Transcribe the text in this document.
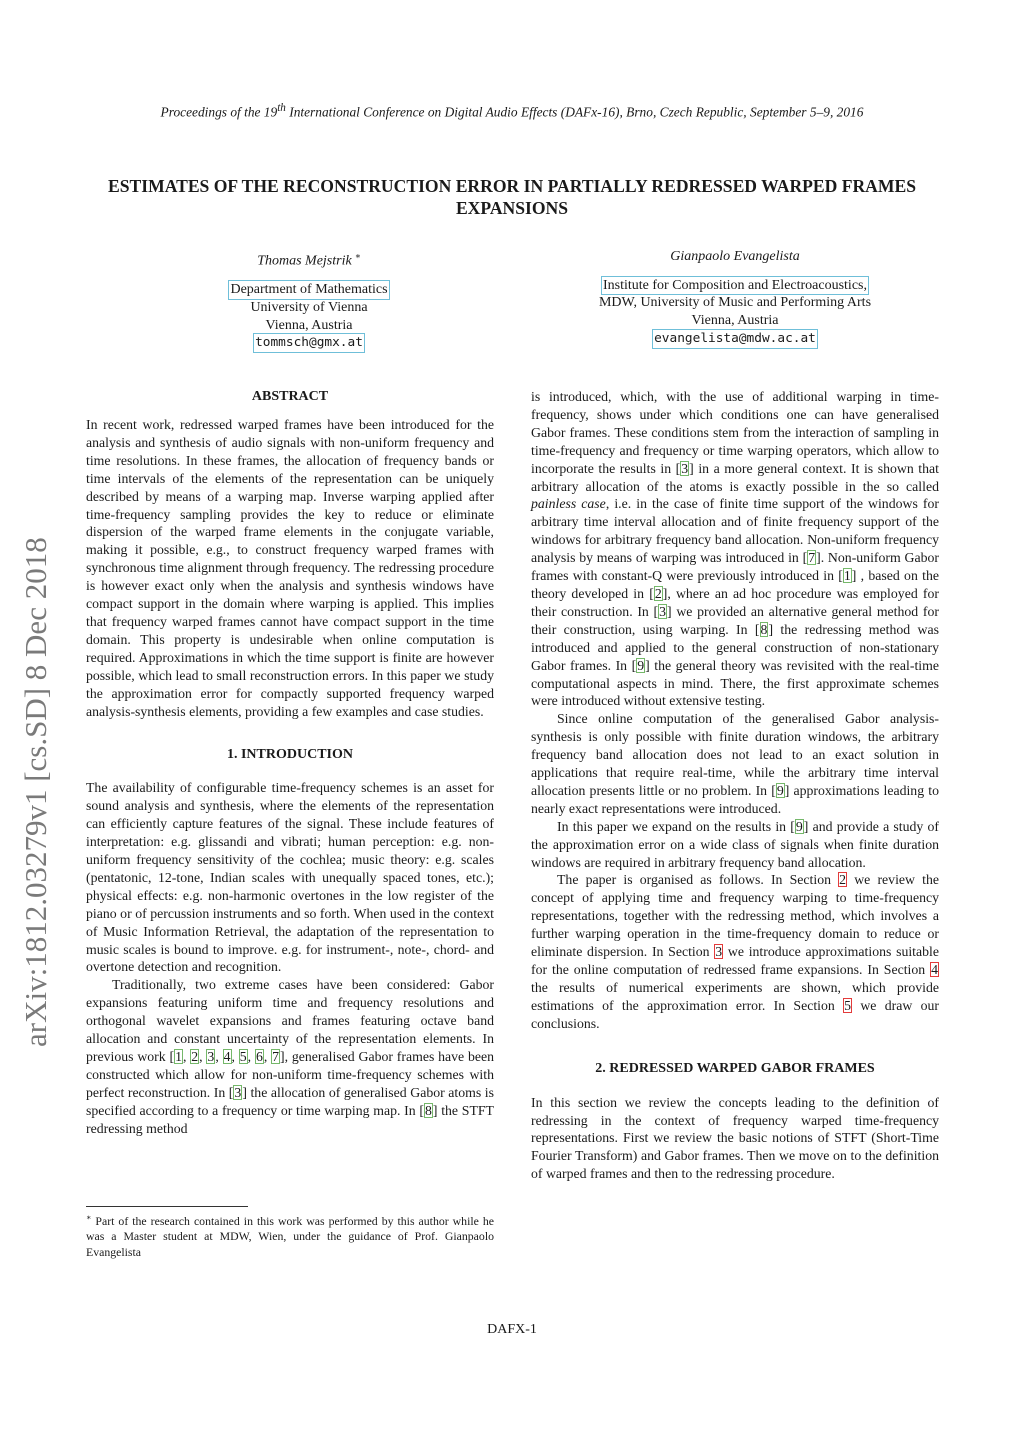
Proceedings of the 19th International Conference on Digital Audio Effects (DAFx-16), Brno, Czech Republic, September 5–9, 2016
ESTIMATES OF THE RECONSTRUCTION ERROR IN PARTIALLY REDRESSED WARPED FRAMES EXPANSIONS
Thomas Mejstrik ∗
Department of Mathematics
University of Vienna
Vienna, Austria
tommsch@gmx.at
Gianpaolo Evangelista
Institute for Composition and Electroacoustics,
MDW, University of Music and Performing Arts
Vienna, Austria
evangelista@mdw.ac.at
arXiv:1812.03279v1 [cs.SD] 8 Dec 2018
ABSTRACT

In recent work, redressed warped frames have been introduced for the analysis and synthesis of audio signals with non-uniform frequency and time resolutions. In these frames, the allocation of frequency bands or time intervals of the elements of the representation can be uniquely described by means of a warping map. Inverse warping applied after time-frequency sampling provides the key to reduce or eliminate dispersion of the warped frame elements in the conjugate variable, making it possible, e.g., to construct frequency warped frames with synchronous time alignment through frequency. The redressing procedure is however exact only when the analysis and synthesis windows have compact support in the domain where warping is applied. This implies that frequency warped frames cannot have compact support in the time domain. This property is undesirable when online computation is required. Approximations in which the time support is finite are however possible, which lead to small reconstruction errors. In this paper we study the approximation error for compactly supported frequency warped analysis-synthesis elements, providing a few examples and case studies.

1. INTRODUCTION

The availability of configurable time-frequency schemes is an asset for sound analysis and synthesis, where the elements of the representation can efficiently capture features of the signal. These include features of interpretation: e.g. glissandi and vibrati; human perception: e.g. non-uniform frequency sensitivity of the cochlea; music theory: e.g. scales (pentatonic, 12-tone, Indian scales with unequally spaced tones, etc.); physical effects: e.g. non-harmonic overtones in the low register of the piano or of percussion instruments and so forth. When used in the context of Music Information Retrieval, the adaptation of the representation to music scales is bound to improve. e.g. for instrument-, note-, chord- and overtone detection and recognition.

Traditionally, two extreme cases have been considered: Gabor expansions featuring uniform time and frequency resolutions and orthogonal wavelet expansions and frames featuring octave band allocation and constant uncertainty of the representation elements. In previous work [1, 2, 3, 4, 5, 6, 7], generalised Gabor frames have been constructed which allow for non-uniform time-frequency schemes with perfect reconstruction. In [3] the allocation of generalised Gabor atoms is specified according to a frequency or time warping map. In [8] the STFT redressing method

∗ Part of the research contained in this work was performed by this author while he was a Master student at MDW, Wien, under the guidance of Prof. Gianpaolo Evangelista

is introduced, which, with the use of additional warping in time-frequency, shows under which conditions one can have generalised Gabor frames. These conditions stem from the interaction of sampling in time-frequency and frequency or time warping operators, which allow to incorporate the results in [3] in a more general context. It is shown that arbitrary allocation of the atoms is exactly possible in the so called painless case, i.e. in the case of finite time support of the windows for arbitrary time interval allocation and of finite frequency support of the windows for arbitrary frequency band allocation. Non-uniform frequency analysis by means of warping was introduced in [7]. Non-uniform Gabor frames with constant-Q were previously introduced in [1] , based on the theory developed in [2], where an ad hoc procedure was employed for their construction. In [3] we provided an alternative general method for their construction, using warping. In [8] the redressing method was introduced and applied to the general construction of non-stationary Gabor frames. In [9] the general theory was revisited with the real-time computational aspects in mind. There, the first approximate schemes were introduced without extensive testing.

Since online computation of the generalised Gabor analysis-synthesis is only possible with finite duration windows, the arbitrary frequency band allocation does not lead to an exact solution in applications that require real-time, while the arbitrary time interval allocation presents little or no problem. In [9] approximations leading to nearly exact representations were introduced.

In this paper we expand on the results in [9] and provide a study of the approximation error on a wide class of signals when finite duration windows are required in arbitrary frequency band allocation.

The paper is organised as follows. In Section 2 we review the concept of applying time and frequency warping to time-frequency representations, together with the redressing method, which involves a further warping operation in the time-frequency domain to reduce or eliminate dispersion. In Section 3 we introduce approximations suitable for the online computation of redressed frame expansions. In Section 4 the results of numerical experiments are shown, which provide estimations of the approximation error. In Section 5 we draw our conclusions.

2. REDRESSED WARPED GABOR FRAMES

In this section we review the concepts leading to the definition of redressing in the context of frequency warped time-frequency representations. First we review the basic notions of STFT (Short-Time Fourier Transform) and Gabor frames. Then we move on to the definition of warped frames and then to the redressing procedure.

DAFX-1
